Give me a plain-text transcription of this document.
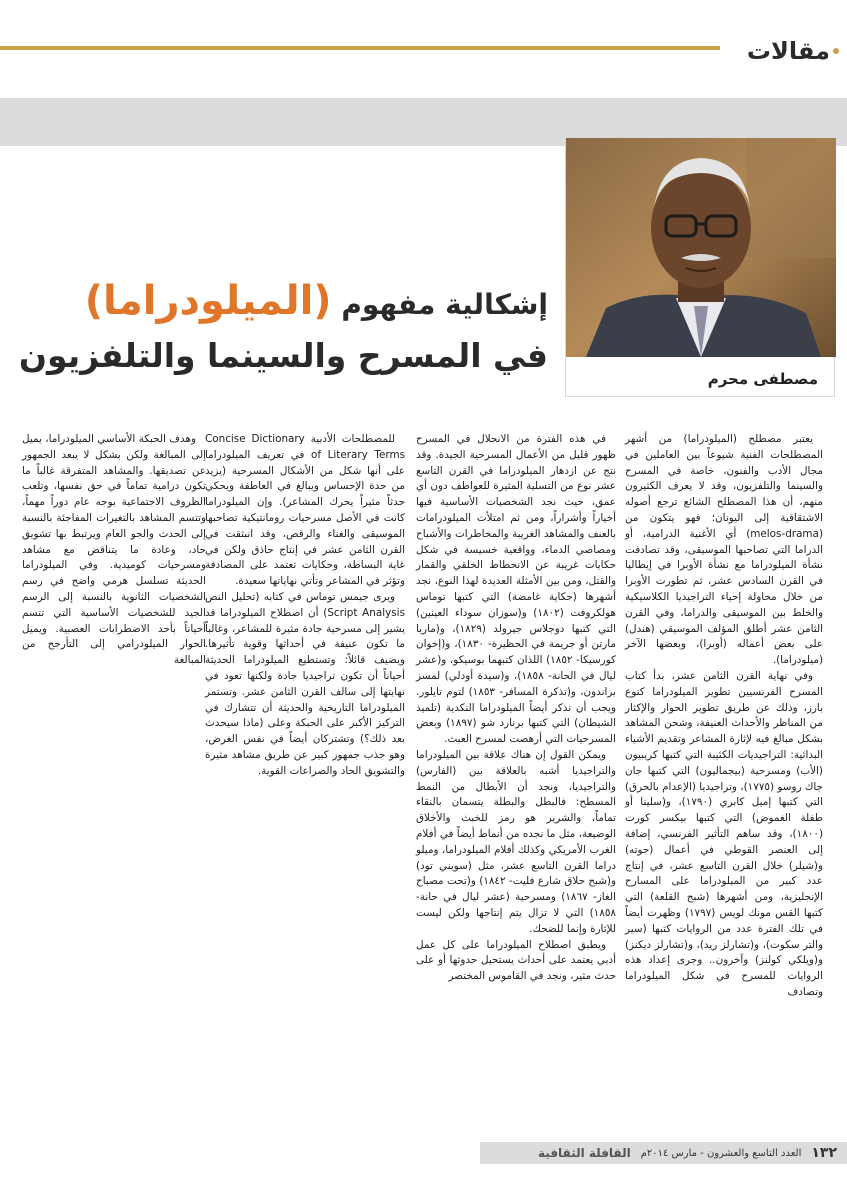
مقالات
مصطفى محرم
إشكالية مفهوم (الميلودراما)
في المسرح والسينما والتلفزيون

يعتبر مصطلح (الميلودراما) من أشهر المصطلحات الفنية شيوعاً بين العاملين في مجال الأدب والفنون، خاصة في المسرح والسينما والتلفزيون، وقد لا يعرف الكثيرون منهم، أن هذا المصطلح الشائع ترجع أصوله الاشتقاقية إلى اليونان؛ فهو يتكون من (melos-drama) أي الأغنية الدرامية، أو الدراما التي تصاحبها الموسيقى، وقد تصادفت نشأة الميلودراما مع نشأة الأوبرا في إيطاليا في القرن السادس عشر، ثم تطورت الأوبرا من خلال محاولة إحياء التراجيديا الكلاسيكية والخلط بين الموسيقى والدراما، وفي القرن الثامن عشر أطلق المؤلف الموسيقي (هندل) على بعض أعماله (أوبرا)، وبعضها الآخر (ميلودراما).

وفي نهاية القرن الثامن عشر، بدأ كتاب المسرح الفرنسيين تطوير الميلودراما كنوع بارز، وذلك عن طريق تطوير الحوار والإكثار من المناظر والأحداث العنيفة، وشحن المشاهد بشكل مبالغ فيه لإثارة المشاعر وتقديم الأشياء البدائية: التراجيديات الكئيبة التي كتبها كريبيون (الأب) ومسرحية (بيجماليون) التي كتبها جان جاك روسو (١٧٧٥)، وتراجيديا (الإعدام بالحرق) التي كتبها إميل كابري (١٧٩٠)، و(سلينا أو طفلة الغموض) التي كتبها بيكسر كورت (١٨٠٠)، وقد ساهم التأثير الفرنسي، إضافة إلى العنصر القوطي في أعمال (جوته) و(شيلر) خلال القرن التاسع عشر، في إنتاج عدد كبير من الميلودراما على المسارح الإنجليزية، ومن أشهرها (شبح القلعة) التي كتبها القس مونك لويس (١٧٩٧) وظهرت أيضاً في تلك الفترة عدد من الروايات كتبها (سير والتر سكوت)، و(تشارلز ريد)، و(تشارلز ديكنز) و(ويلكي كولنز) وآخرون.. وجرى إعداد هذه الروايات للمسرح في شكل الميلودراما وتصادف

في هذه الفترة من الانحلال في المسرح ظهور قليل من الأعمال المسرحية الجيدة. وقد نتج عن ازدهار الميلودراما في القرن التاسع عشر نوع من التسلية المثيرة للعواطف دون أي عمق، حيث نجد الشخصيات الأساسية فيها أخياراً وأشراراً، ومن ثم امتلأت الميلودرامات بالعنف والمشاهد الغريبة والمخاطرات والأشباح ومصاصي الدماء، وواقعية خسيسة في شكل حكايات غريبة عن الانحطاط الخلقي والقمار والقتل، ومن بين الأمثلة العديدة لهذا النوع، نجد أشهرها (حكاية غامضة) التي كتبها توماس هولكروفت (١٨٠٢) و(سوزان سوداء العينين) التي كتبها دوجلاس جيرولد (١٨٢٩)، و(ماريا مارتن أو جريمة في الحظيرة- ١٨٣٠)، و(إخوان كورسيكا- ١٨٥٢) اللذان كتبهما بوسيكو، و(عشر ليال في الحانة- ١٨٥٨)، و(سيدة أودلي) لمسز براندون، و(تذكرة المسافر- ١٨٥٣) لتوم تايلور. ويجب أن نذكر أيضاً الميلودراما النكدية (تلميذ الشيطان) التي كتبها برنارد شو (١٨٩٧) وبعض المسرحيات التي أرهصت لمسرح العبث.

ويمكن القول إن هناك علاقة بين الميلودراما والتراجيديا أشبه بالعلاقة بين (الفارس) والتراجيديا، ونجد أن الأبطال من النمط المسطح: فالبطل والبطلة يتسمان بالنقاء تماماً، والشرير هو رمز للخبث والأخلاق الوضيعة، مثل ما نجده من أنماط أيضاً في أفلام الغرب الأمريكي وكذلك أفلام الميلودراما، وميلو دراما القرن التاسع عشر، مثل (سويني تود) و(شبح حلاق شارع فليت- ١٨٤٢) و(تحت مصباح الغاز- ١٨٦٧) ومسرحية (عشر ليال في حانة- ١٨٥٨) التي لا تزال يتم إنتاجها ولكن ليست للإثارة وإنما للضحك.

ويطبق اصطلاح الميلودراما على كل عمل أدبي يعتمد على أحداث يستحيل حدوثها أو على حدث مثير، ونجد في القاموس المختصر

للمصطلحات الأدبية Concise Dictionary of Literary Terms في تعريف الميلودراما على أنها شكل من الأشكال المسرحية (يزيد من حدة الإحساس ويبالغ في العاطفة ويحكي حدثاً مثيراً يحرك المشاعر). وإن الميلودراما كانت في الأصل مسرحيات رومانتيكية تصاحبها الموسيقى والغناء والرقص، وقد انبثقت في القرن الثامن عشر في إنتاج حاذق ولكن في غاية البساطة، وحكايات تعتمد على المصادفة وتؤثر في المشاعر وتأتي نهاياتها سعيدة.

ويرى جيمس توماس في كتابه (تحليل النص Script Analysis) أن اصطلاح الميلودراما قد يشير إلى مسرحية جادة مثيرة للمشاعر، وغالباً ما تكون عنيفة في أحداثها وقوية تأثيرها. ويضيف قائلاً: وتستطيع الميلودراما الحديثة أحياناً أن تكون تراجيديا جادة ولكنها تعود في نهايتها إلى سالف القرن الثامن عشر. وتستمر الميلودراما التاريخية والحديثة أن تتشارك في التركيز الأكبر على الحبكة وعلى (ماذا سيحدث بعد ذلك؟) وتشتركان أيضاً في نفس الغرض، وهو جذب جمهور كبير عن طريق مشاهد مثيرة والتشويق الحاد والصراعات القوية.

وهدف الحبكة الأساسي الميلودراما، يميل إلى المبالغة ولكن بشكل لا يبعد الجمهور عن تصديقها. والمشاهد المتفرقة غالباً ما تكون درامية تماماً في حق نفسها، وتلعب الظروف الاجتماعية بوجه عام دوراً مهماً، وتتسم المشاهد بالتغيرات المفاجئة بالنسبة إلى الحدث والجو العام ويرتبط بها تشويق حاد، وعادة ما يتناقض مع مشاهد ومسرحيات كوميدية. وفي الميلودراما الحديثة تسلسل هرمي واضح في رسم الشخصيات الثانوية بالنسبة إلى الرسم الجيد للشخصيات الأساسية التي تتسم أحياناً بأحد الاضطرابات العصبية. ويميل الحوار الميلودرامي إلى التأرجح من المبالغة

١٣٢
العدد التاسع والعشرون - مارس ٢٠١٤م
القافلة الثقافية
